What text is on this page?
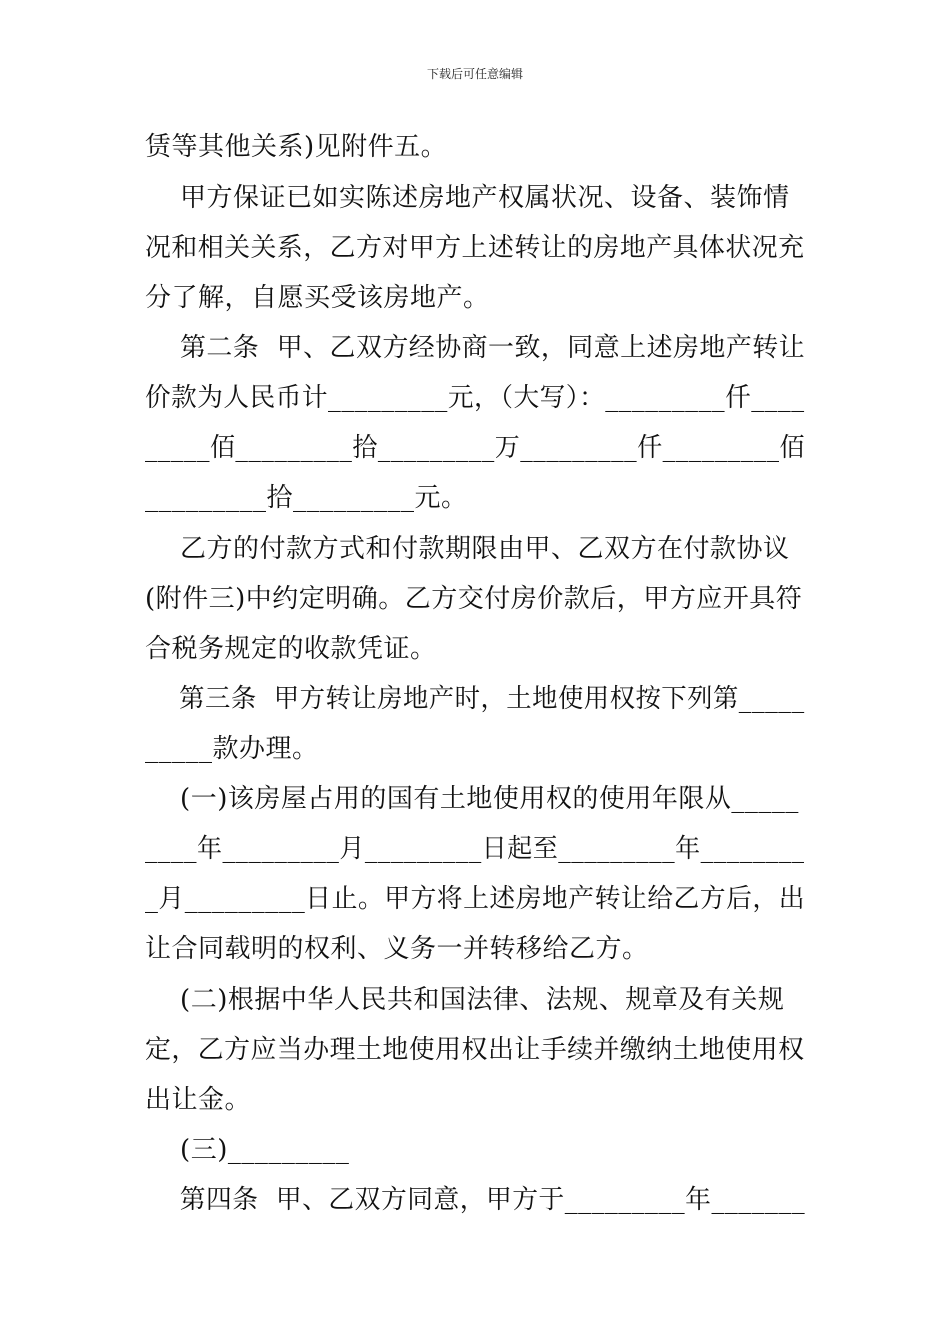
下载后可任意编辑
赁等其他关系)见附件五。
甲方保证已如实陈述房地产权属状况、设备、装饰情
况和相关关系，乙方对甲方上述转让的房地产具体状况充
分了解，自愿买受该房地产。
第二条  甲、乙双方经协商一致，同意上述房地产转让
价款为人民币计_________元，（大写）：_________仟____
_____佰_________拾_________万_________仟_________佰
_________拾_________元。
乙方的付款方式和付款期限由甲、乙双方在付款协议
(附件三)中约定明确。乙方交付房价款后，甲方应开具符
合税务规定的收款凭证。
第三条  甲方转让房地产时，土地使用权按下列第_____
_____款办理。
(一)该房屋占用的国有土地使用权的使用年限从_____
____年_________月_________日起至_________年________
_月_________日止。甲方将上述房地产转让给乙方后，出
让合同载明的权利、义务一并转移给乙方。
(二)根据中华人民共和国法律、法规、规章及有关规
定，乙方应当办理土地使用权出让手续并缴纳土地使用权
出让金。
(三)_________
第四条  甲、乙双方同意，甲方于_________年_______
